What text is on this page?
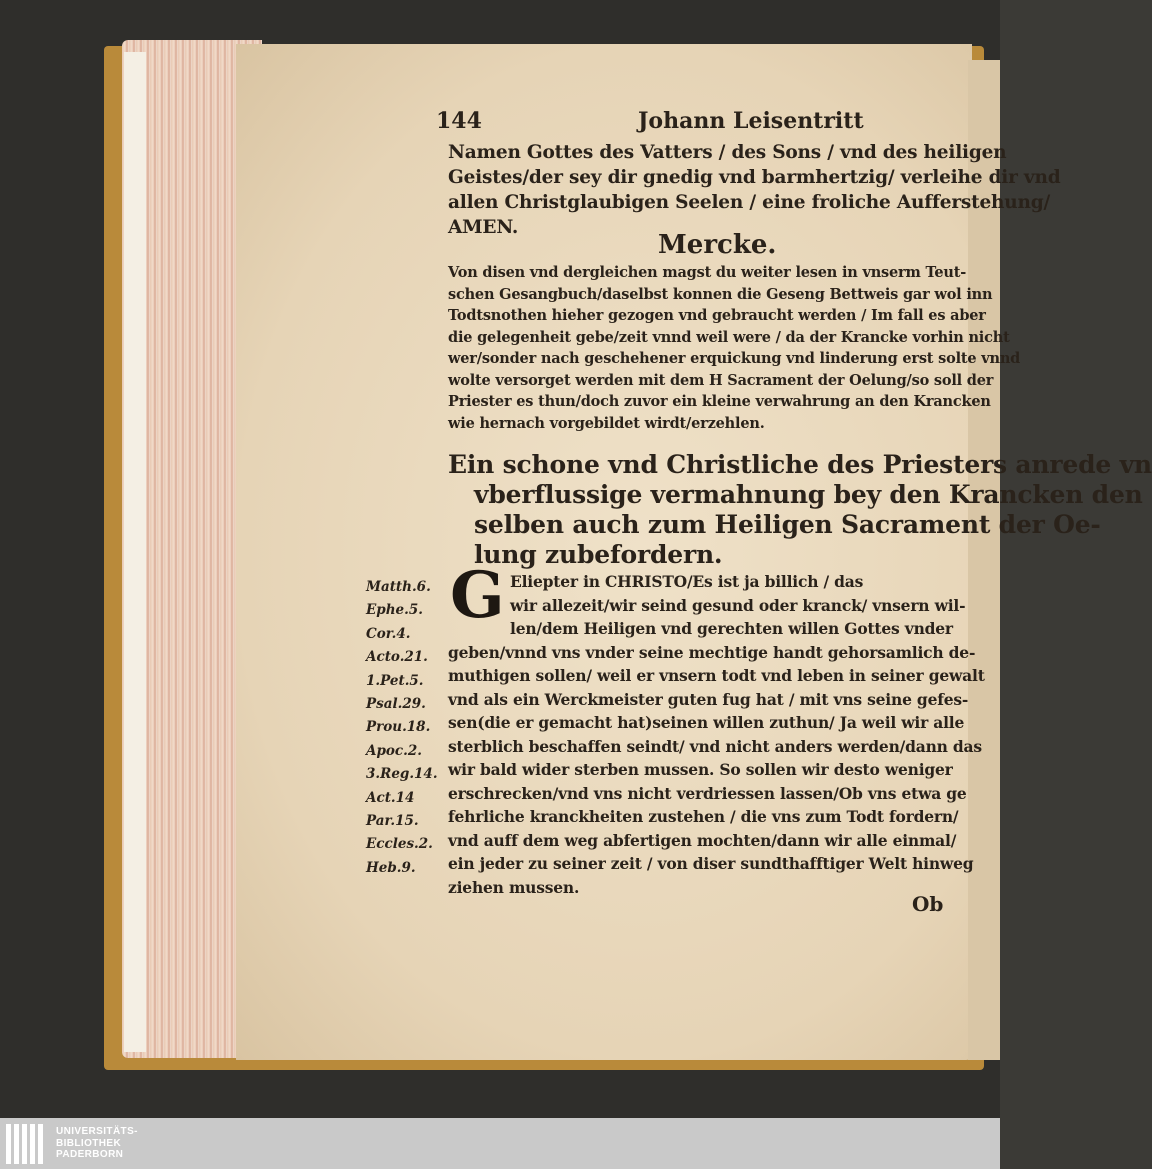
144	Johann Leisentritt
Namen Gottes des Vatters / des Sons / vnd des heiligen
Geistes/der sey dir gnedig vnd barmhertzig/ verleihe dir vnd
allen Christglaubigen Seelen / eine froliche Aufferstehung/
AMEN.
Mercke.
Von disen vnd dergleichen magst du weiter lesen in vnserm Teut-
schen Gesangbuch/daselbst konnen die Geseng Bettweis gar wol inn
Todtsnothen hieher gezogen vnd gebraucht werden / Im fall es aber
die gelegenheit gebe/zeit vnnd weil were / da der Krancke vorhin nicht
wer/sonder nach geschehener erquickung vnd linderung erst solte vnnd
wolte versorget werden mit dem H Sacrament der Oelung/so soll der
Priester es thun/doch zuvor ein kleine verwahrung an den Krancken
wie hernach vorgebildet wirdt/erzehlen.
Ein schone vnd Christliche des Priesters anrede vn
vberflussige vermahnung bey den Krancken den
selben auch zum Heiligen Sacrament der Oe-
lung zubefordern.
G Eliepter in CHRISTO/Es ist ja billich / das
wir allezeit/wir seind gesund oder kranck/ vnsern wil-
len/dem Heiligen vnd gerechten willen Gottes vnder
geben/vnnd vns vnder seine mechtige handt gehorsamlich de-
muthigen sollen/ weil er vnsern todt vnd leben in seiner gewalt
vnd als ein Werckmeister guten fug hat / mit vns seine gefes-
sen(die er gemacht hat)seinen willen zuthun/ Ja weil wir alle
sterblich beschaffen seindt/ vnd nicht anders werden/dann das
wir bald wider sterben mussen. So sollen wir desto weniger
erschrecken/vnd vns nicht verdriessen lassen/Ob vns etwa ge
fehrliche kranckheiten zustehen / die vns zum Todt fordern/
vnd auff dem weg abfertigen mochten/dann wir alle einmal/
ein jeder zu seiner zeit / von diser sundthafftiger Welt hinweg
ziehen mussen.
Ob
Matth.6.
Ephe.5.
Cor.4.
Acto.21.
1.Pet.5.
Psal.29.
Prou.18.
Apoc.2.
3.Reg.14.
Act.14
Par.15.
Eccles.2.
Heb.9.
UNIVERSITÄTS-
BIBLIOTHEK
PADERBORN
